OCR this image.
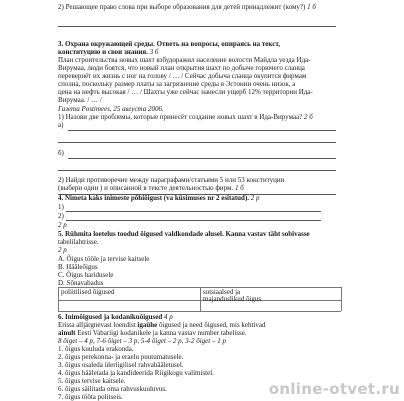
2) Решающее право слова при выборе образования для детей принадлежит (кому?) 1 б
3. Охрана окружающей среды. Ответь на вопросы, опираясь на текст,
конституцию и свои знания. 3 б
План строительства новых шахт взбудоражил население волости Майдла уезда Ида-
Вирумаа, люди боятся, что новый план открытия шахт по добыче горючего сланца
перевернёт их жизнь с ног на голову / … / Сейчас добыча сланца окупится фирмам
сполна, поскольку размер платы за загрязнение среды в Эстонии очень низок, а
цена на нефть высокая / … / Шахты уже сейчас нанесли ущерб 12% территории Ида-
Вирумаа. / … /
Газета Postimees, 25 августа 2006.
1) Назови две проблемы, которые принесёт создание новых шахт в Ида-Вирумаа? 2 б
а)
б)
2) Найди противоречие между параграфами/статьями 5 или 53 конституции
(выбери один ) и описанной в тексте деятельностью фирм. 1 б
4. Nimeta kaks inimeste põhiõigust (va küsimuses nr 2 esitatud). 2 p
1)
2)
2 p
5. Rühmita loetelus toodud õigused valdkondade alusel. Kanna vastav täht sobivasse
tabelilahtrisse.
2 p
A. Õigus tööle ja tervise kaitsele
B. Hääleõigus
C. Õigus haridusele
D. Sõnavabadus
poliitilised õigused	sotsiaalsed ja
majanduslikud õigus
6. Inimõigused ja kodanikuõigused 4 p
Erista alljärgnevast loendist igaühe õigused ja need õigused, mis kehtivad
ainult Eesti Vabariigi kodanikele ja kanna vastav number tabelisse.
8 õiget – 4 p, 7-6 õiget – 3 p, 5-4 õiget – 2 p, 3-2 õiget – 1 p
1. õigus kuuluda erakonda.
2. õigus perekonna- ja eraelu puutumatusele.
3. õigus osaleda üleriigilisel rahvahääletusel.
4. õigus hääletada ja kandideerida Riigikogu valimistel.
5. õigus tervise kaitsele.
6. õigus säilitada oma rahvuskuuluvus.
7. õigus tööta politseis.	online-otvet.ru
